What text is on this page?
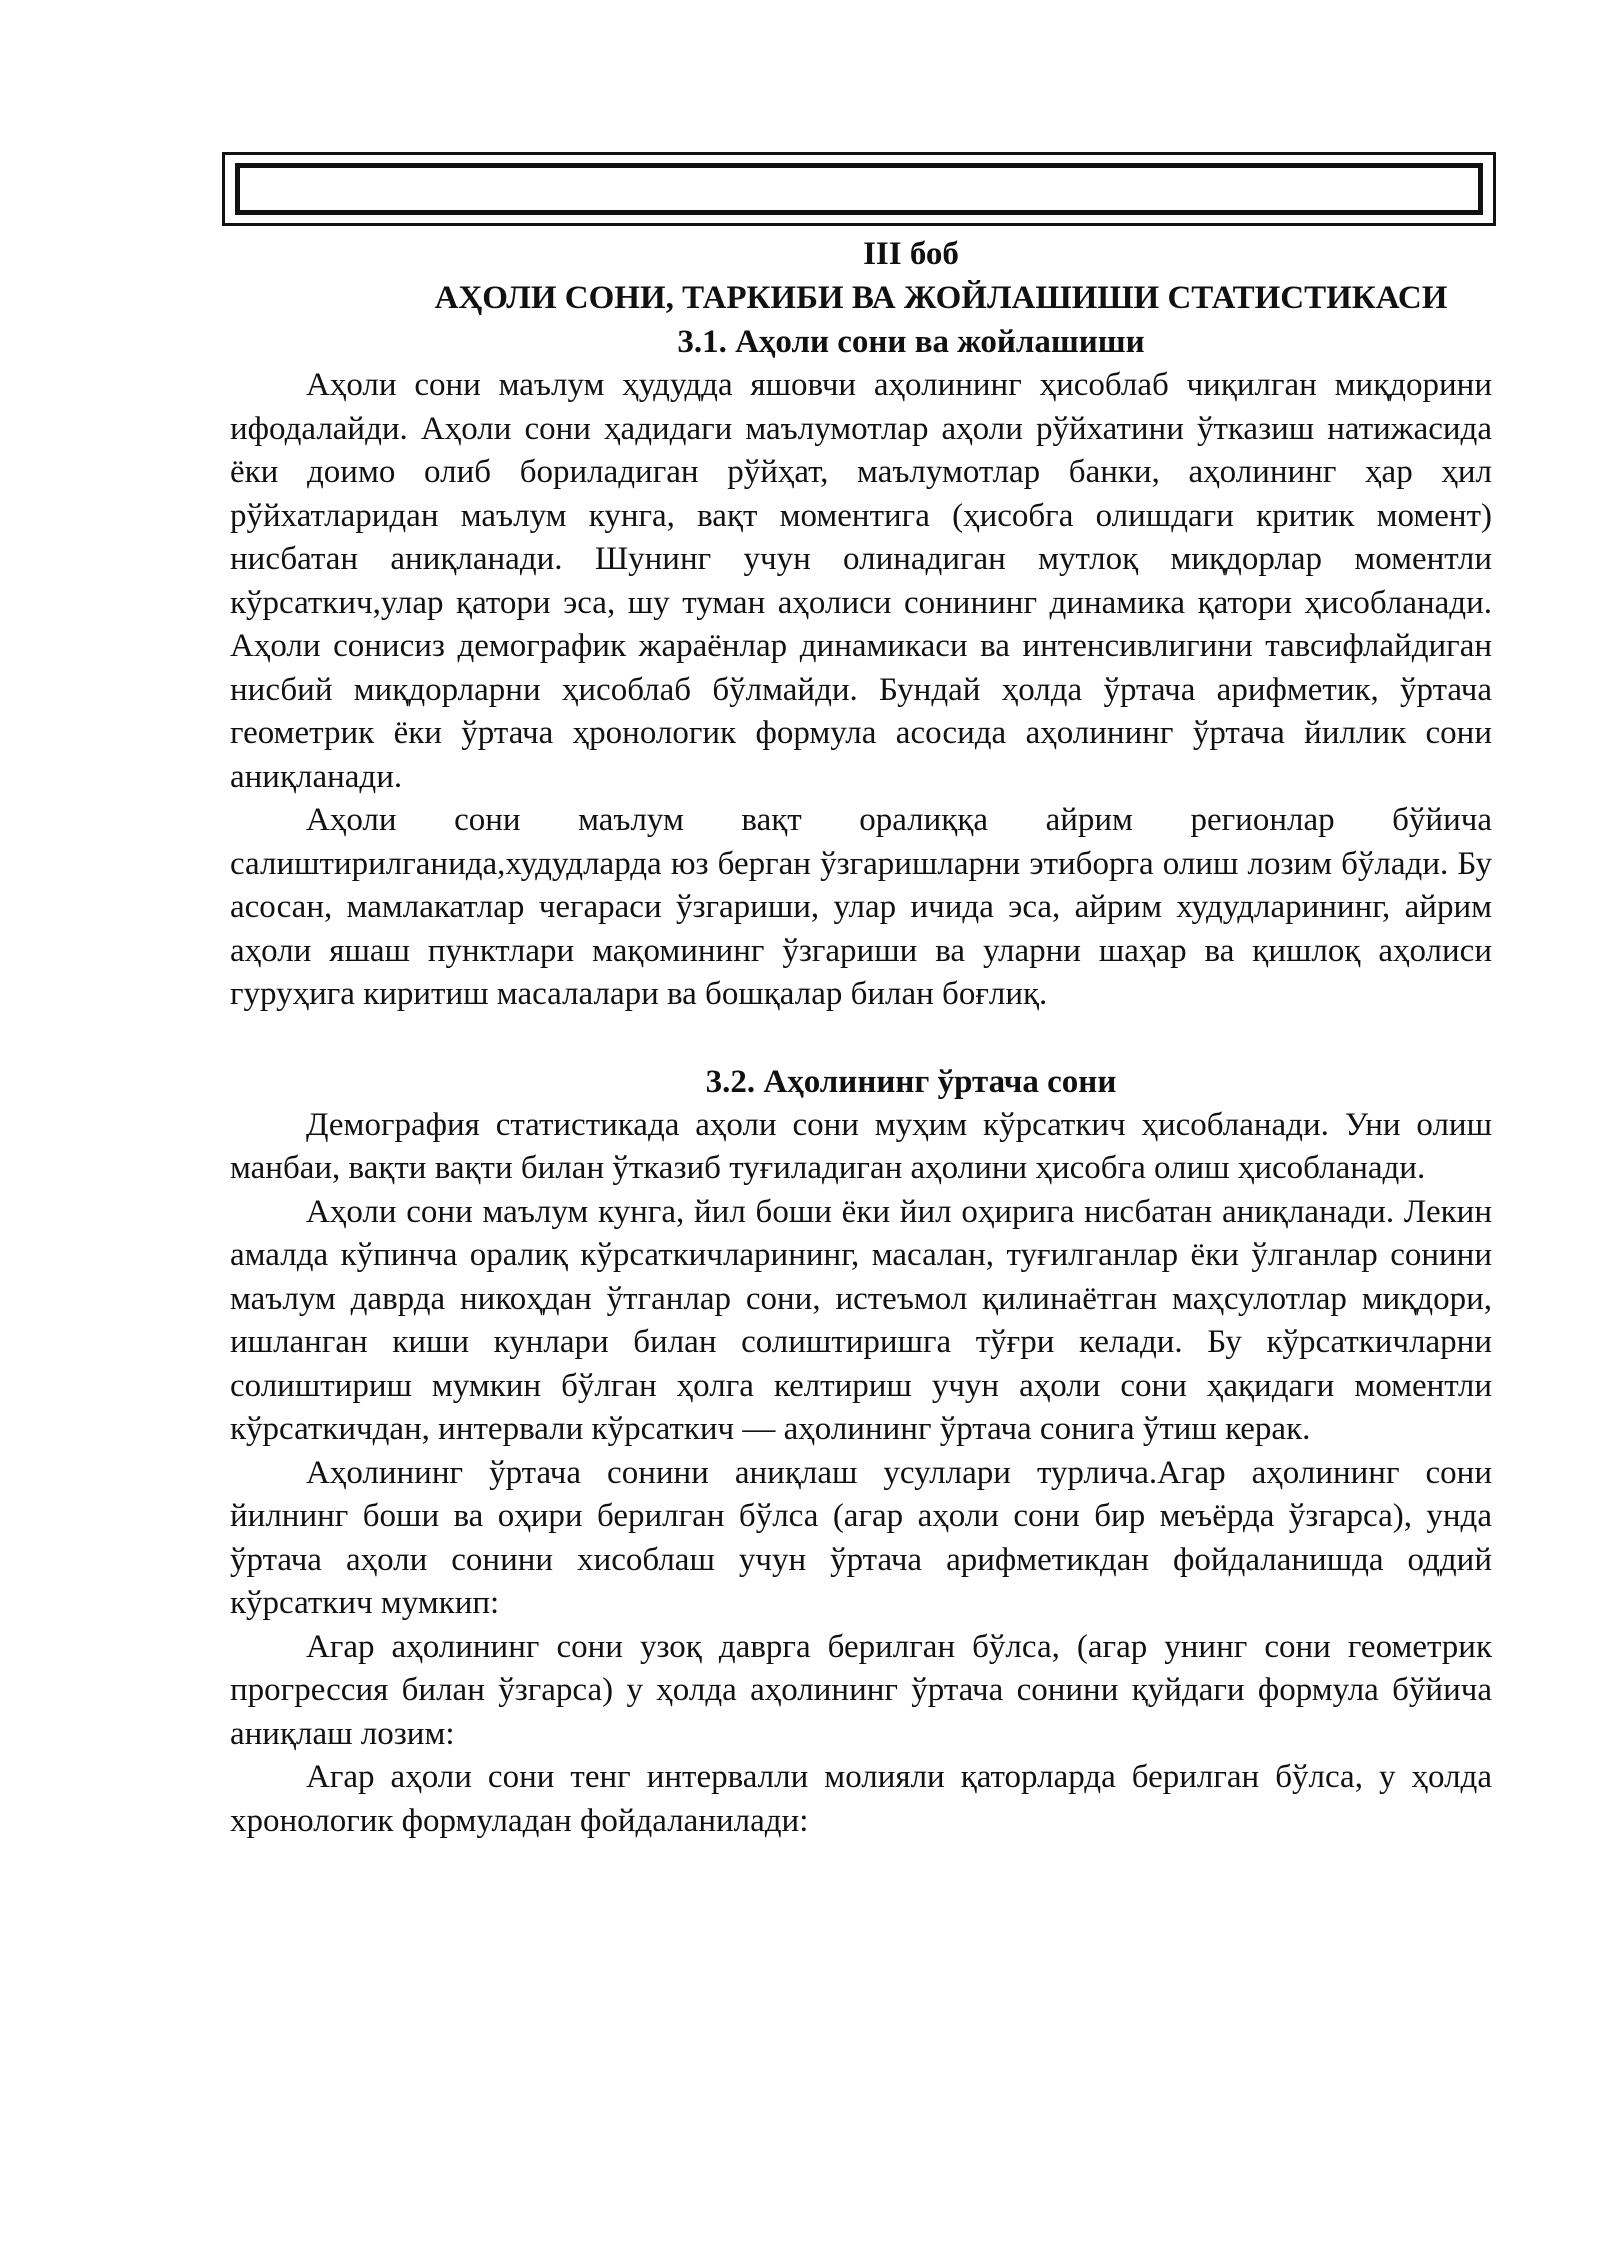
III боб

АҲОЛИ СОНИ, ТАРКИБИ ВА ЖОЙЛАШИШИ СТАТИСТИКАСИ

3.1. Аҳоли сони ва жойлашиши

Аҳоли сони маълум ҳудудда яшовчи аҳолининг ҳисоблаб чиқилган миқдорини ифодалайди. Аҳоли сони ҳадидаги маълумотлар аҳоли рўйхатини ўтказиш натижасида ёки доимо олиб бориладиган рўйҳат, маълумотлар банки, аҳолининг ҳар ҳил рўйхатларидан маълум кунга, вақт моментига (ҳисобга олишдаги критик момент) нисбатан аниқланади. Шунинг учун олинадиган мутлоқ миқдорлар моментли кўрсаткич,улар қатори эса, шу туман аҳолиси сонининг динамика қатори ҳисобланади. Аҳоли сонисиз демографик жараёнлар динамикаси ва интенсивлигини тавсифлайдиган нисбий миқдорларни ҳисоблаб бўлмайди. Бундай ҳолда ўртача арифметик, ўртача геометрик ёки ўртача ҳронологик формула асосида аҳолининг ўртача йиллик сони аниқланади.

Аҳоли сони маълум вақт оралиққа айрим регионлар бўйича салиштирилганида,худудларда юз берган ўзгаришларни этиборга олиш лозим бўлади. Бу асосан, мамлакатлар чегараси ўзгариши, улар ичида эса, айрим худудларининг, айрим аҳоли яшаш пунктлари мақомининг ўзгариши ва уларни шаҳар ва қишлоқ аҳолиси гуруҳига киритиш масалалари ва бошқалар билан боғлиқ.

3.2. Аҳолининг ўртача сони

Демография статистикада аҳоли сони муҳим кўрсаткич ҳисобланади. Уни олиш манбаи, вақти вақти билан ўтказиб туғиладиган аҳолини ҳисобга олиш ҳисобланади.

Аҳоли сони маълум кунга, йил боши ёки йил оҳирига нисбатан аниқланади. Лекин амалда кўпинча оралиқ кўрсаткичларининг, масалан, туғилганлар ёки ўлганлар сонини маълум даврда никоҳдан ўтганлар сони, истеъмол қилинаётган маҳсулотлар миқдори, ишланган киши кунлари билан солиштиришга тўғри келади. Бу кўрсаткичларни солиштириш мумкин бўлган ҳолга келтириш учун аҳоли сони ҳақидаги моментли кўрсаткичдан, интервали кўрсаткич — аҳолининг ўртача сонига ўтиш керак.

Аҳолининг ўртача сонини аниқлаш усуллари турлича.Агар аҳолининг сони йилнинг боши ва оҳири берилган бўлса (агар аҳоли сони бир меъёрда ўзгарса), унда ўртача аҳоли сонини хисоблаш учун ўртача арифметикдан фойдаланишда оддий кўрсаткич мумкип:

Агар аҳолининг сони узоқ даврга берилган бўлса, (агар унинг сони геометрик прогрессия билан ўзгарса) у ҳолда аҳолининг ўртача сонини қуйдаги формула бўйича аниқлаш лозим:

Агар аҳоли сони тенг интервалли молияли қаторларда берилган бўлса, у ҳолда хронологик формуладан фойдаланилади:
